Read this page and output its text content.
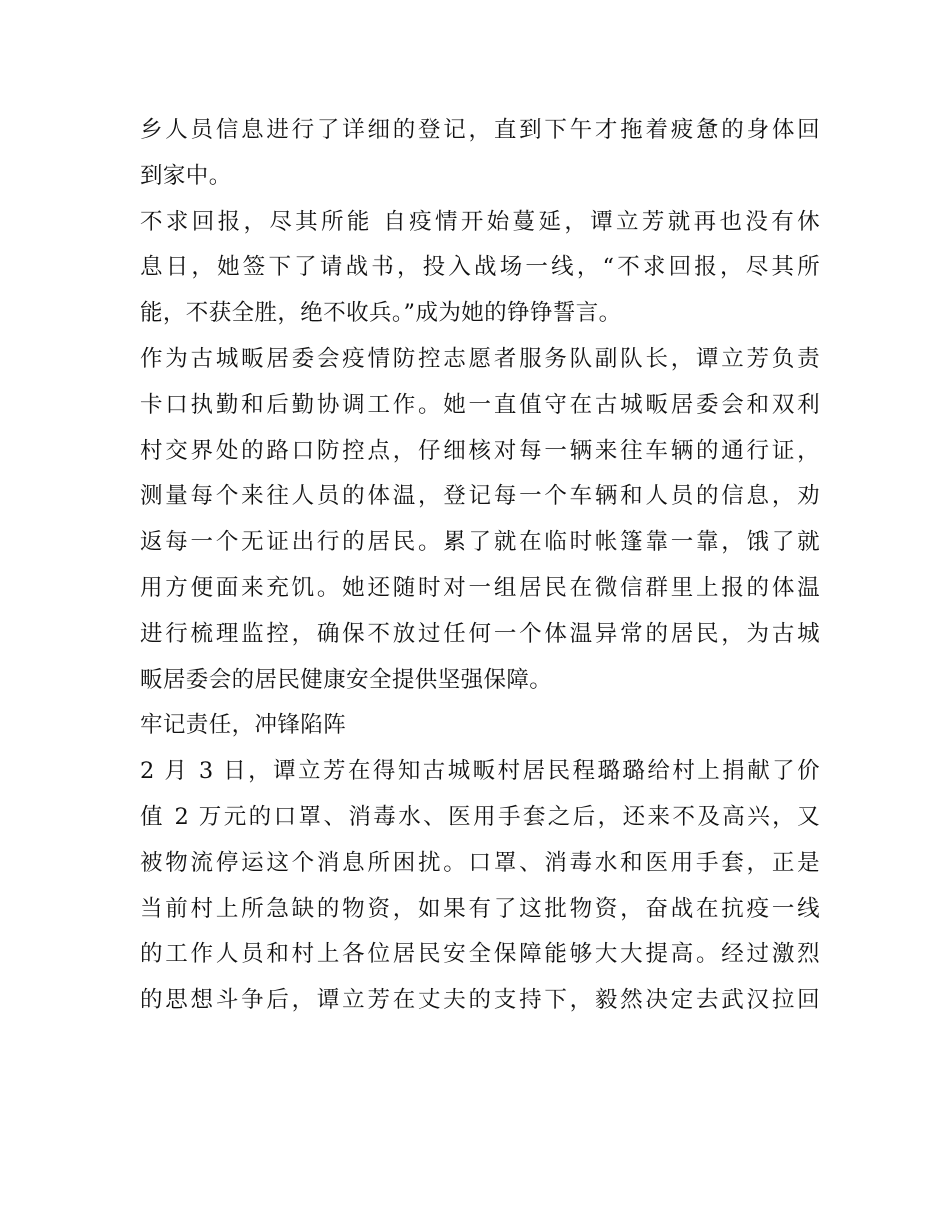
乡人员信息进行了详细的登记，直到下午才拖着疲惫的身体回
到家中。
不求回报，尽其所能 自疫情开始蔓延，谭立芳就再也没有休
息日，她签下了请战书，投入战场一线，“不求回报，尽其所
能，不获全胜，绝不收兵。”成为她的铮铮誓言。
作为古城畈居委会疫情防控志愿者服务队副队长，谭立芳负责
卡口执勤和后勤协调工作。她一直值守在古城畈居委会和双利
村交界处的路口防控点，仔细核对每一辆来往车辆的通行证，
测量每个来往人员的体温，登记每一个车辆和人员的信息，劝
返每一个无证出行的居民。累了就在临时帐篷靠一靠，饿了就
用方便面来充饥。她还随时对一组居民在微信群里上报的体温
进行梳理监控，确保不放过任何一个体温异常的居民，为古城
畈居委会的居民健康安全提供坚强保障。
牢记责任，冲锋陷阵
2 月 3 日，谭立芳在得知古城畈村居民程璐璐给村上捐献了价
值 2 万元的口罩、消毒水、医用手套之后，还来不及高兴，又
被物流停运这个消息所困扰。口罩、消毒水和医用手套，正是
当前村上所急缺的物资，如果有了这批物资，奋战在抗疫一线
的工作人员和村上各位居民安全保障能够大大提高。经过激烈
的思想斗争后，谭立芳在丈夫的支持下，毅然决定去武汉拉回
